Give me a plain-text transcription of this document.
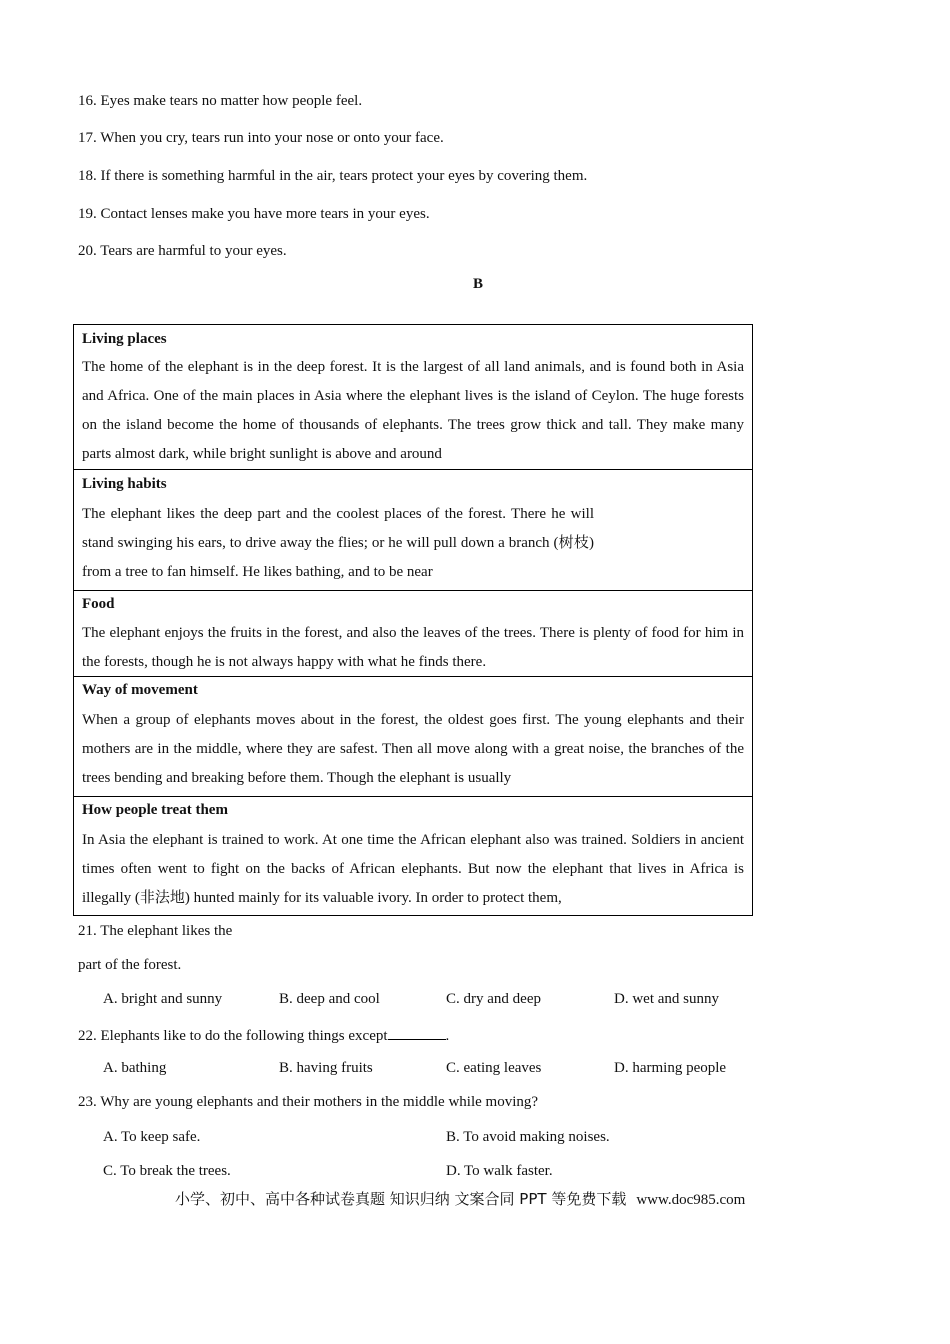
16. Eyes make tears no matter how people feel.
17. When you cry, tears run into your nose or onto your face.
18. If there is something harmful in the air, tears protect your eyes by covering them.
19. Contact lenses make you have more tears in your eyes.
20. Tears are harmful to your eyes.
B
Living places
The home of the elephant is in the deep forest. It is the largest of all land animals, and is found both in Asia and Africa. One of the main places in Asia where the elephant lives is the island of Ceylon. The huge forests on the island become the home of thousands of elephants. The trees grow thick and tall. They make many parts almost dark, while bright sunlight is above and around
Living habits
The elephant likes the deep part and the coolest places of the forest. There he will stand swinging his ears, to drive away the flies; or he will pull down a branch (树枝) from a tree to fan himself. He likes bathing, and to be near
Food
The elephant enjoys the fruits in the forest, and also the leaves of the trees. There is plenty of food for him in the forests, though he is not always happy with what he finds there.
Way of movement
When a group of elephants moves about in the forest, the oldest goes first. The young elephants and their mothers are in the middle, where they are safest. Then all move along with a great noise, the branches of the trees bending and breaking before them. Though the elephant is usually
How people treat them
In Asia the elephant is trained to work. At one time the African elephant also was trained. Soldiers in ancient times often went to fight on the backs of African elephants. But now the elephant that lives in Africa is illegally (非法地) hunted mainly for its valuable ivory. In order to protect them,
21. The elephant likes the
part of the forest.
A. bright and sunny	B. deep and cool	C. dry and deep	D. wet and sunny
22. Elephants like to do the following things except	.
A. bathing	B. having fruits	C. eating leaves	D. harming people
23. Why are young elephants and their mothers in the middle while moving?
A. To keep safe.	B. To avoid making noises.
C. To break the trees.	D. To walk faster.
小学、初中、高中各种试卷真题 知识归纳 文案合同 PPT 等免费下载 www.doc985.com
